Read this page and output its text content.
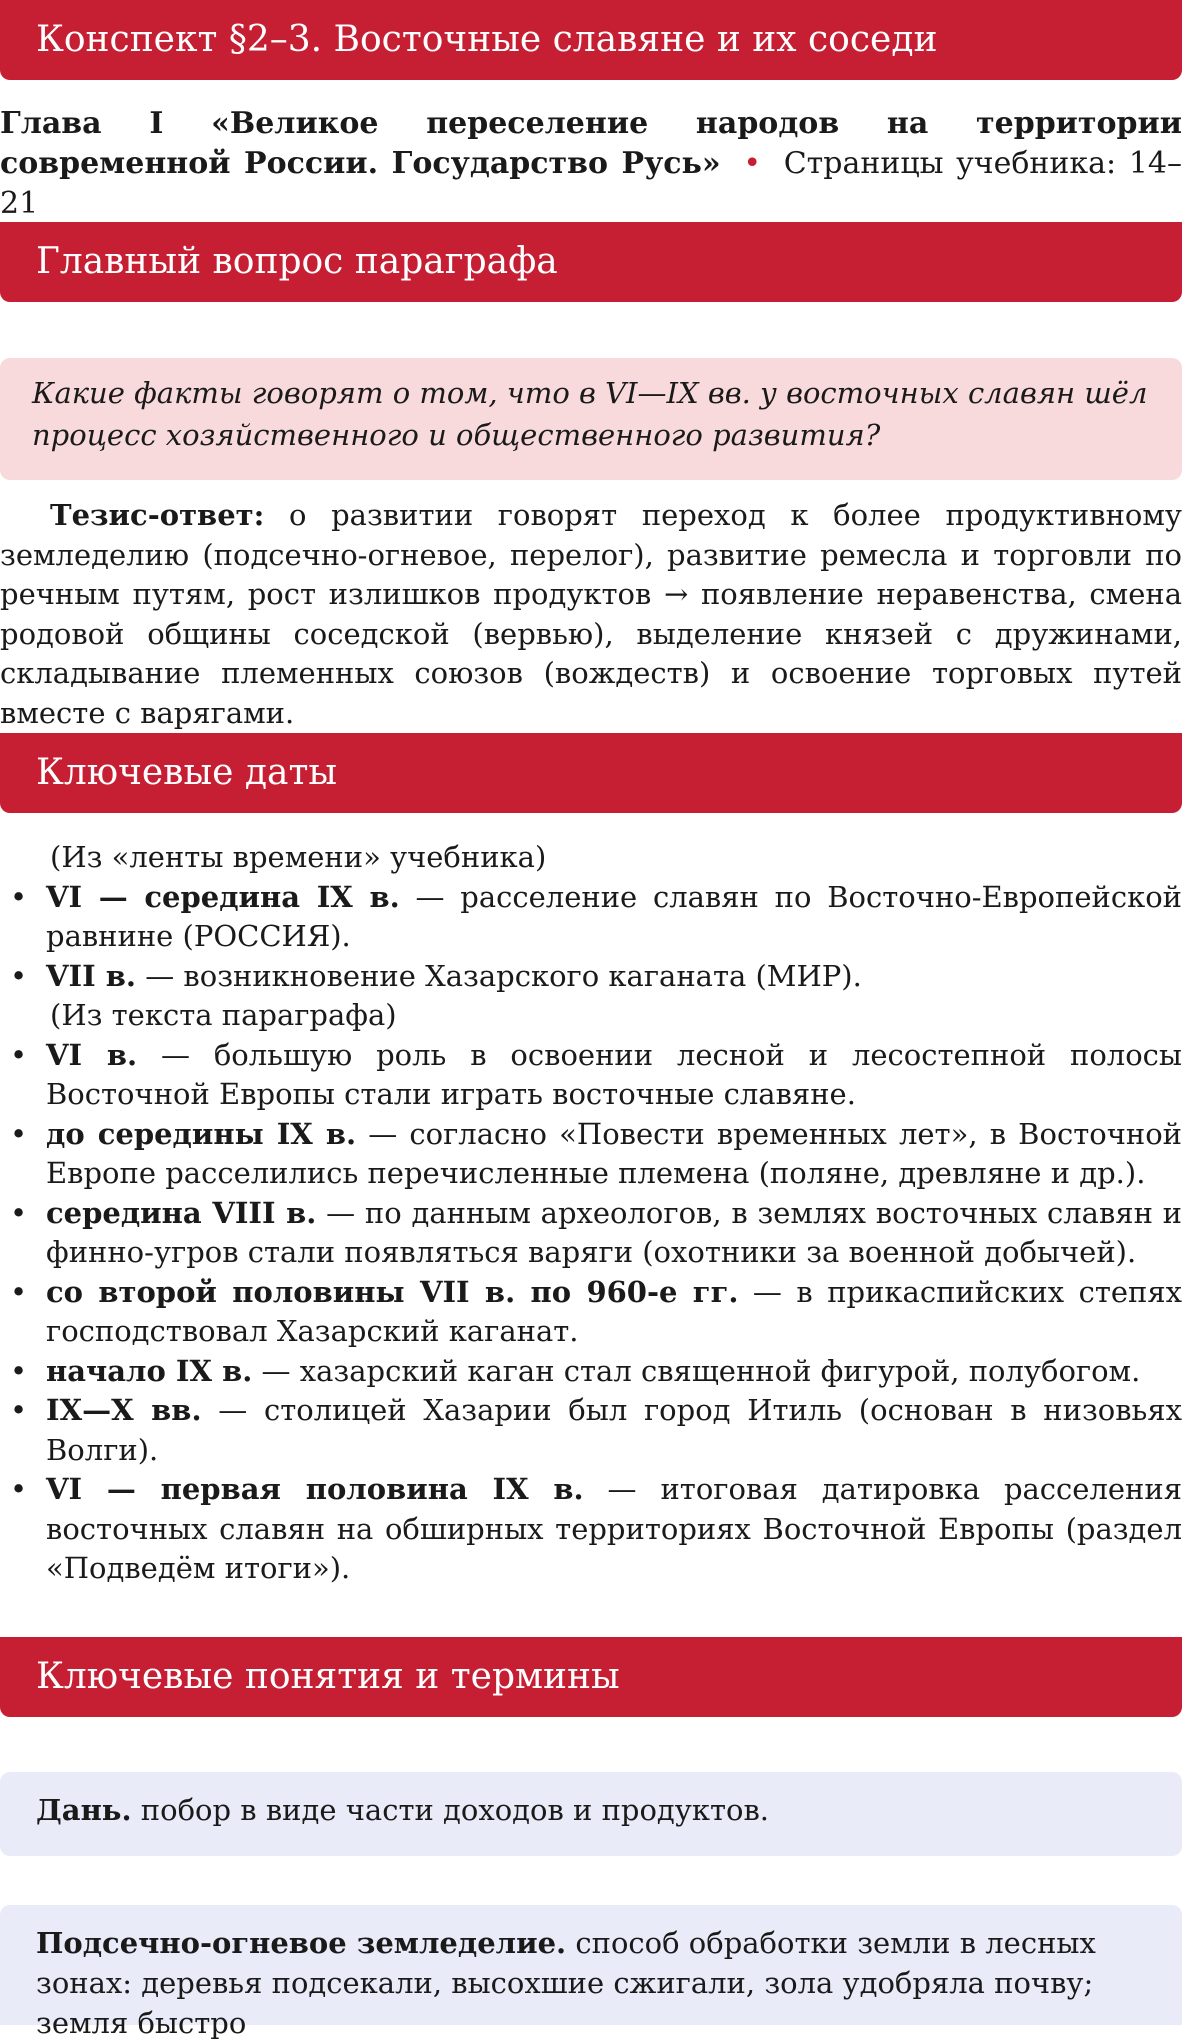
Конспект §2–3. Восточные славяне и их соседи
Глава I «Великое переселение народов на территории современной России. Государство Русь» • Страницы учебника: 14–21
Главный вопрос параграфа
Какие факты говорят о том, что в VI—IX вв. у восточных славян шёл процесс хозяйственного и общественного развития?
Тезис-ответ: о развитии говорят переход к более продуктивному земледелию (подсечно-огневое, перелог), развитие ремесла и торговли по речным путям, рост излишков продуктов → появление неравенства, смена родовой общины соседской (вервью), выделение князей с дружинами, складывание племенных союзов (вождеств) и освоение торговых путей вместе с варягами.
Ключевые даты
(Из «ленты времени» учебника)
• VI — середина IX в. — расселение славян по Восточно-Европейской равнине (РОССИЯ).
• VII в. — возникновение Хазарского каганата (МИР).
(Из текста параграфа)
• VI в. — большую роль в освоении лесной и лесостепной полосы Восточной Европы стали играть восточные славяне.
• до середины IX в. — согласно «Повести временных лет», в Восточной Европе расселились перечисленные племена (поляне, древляне и др.).
• середина VIII в. — по данным археологов, в землях восточных славян и финно-угров стали появляться варяги (охотники за военной добычей).
• со второй половины VII в. по 960-е гг. — в прикаспийских степях господствовал Хазарский каганат.
• начало IX в. — хазарский каган стал священной фигурой, полубогом.
• IX—X вв. — столицей Хазарии был город Итиль (основан в низовьях Волги).
• VI — первая половина IX в. — итоговая датировка расселения восточных славян на обширных территориях Восточной Европы (раздел «Подведём итоги»).
Ключевые понятия и термины
Дань. побор в виде части доходов и продуктов.
Подсечно-огневое земледелие. способ обработки земли в лесных зонах: деревья подсекали, высохшие сжигали, зола удобряла почву; земля быстро
